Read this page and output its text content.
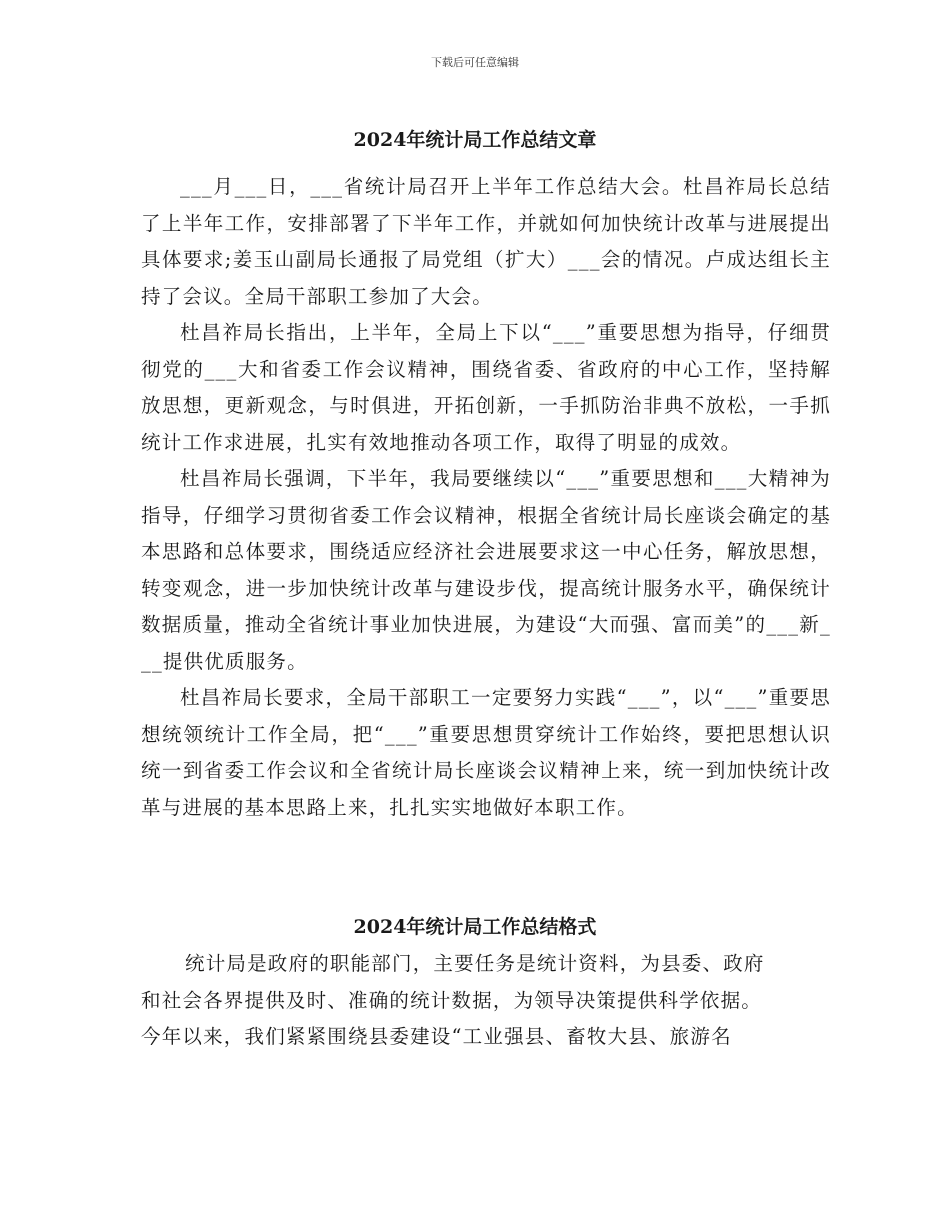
下载后可任意编辑
2024年统计局工作总结文章

___月___日，___省统计局召开上半年工作总结大会。杜昌祚局长总结了上半年工作，安排部署了下半年工作，并就如何加快统计改革与进展提出具体要求;姜玉山副局长通报了局党组（扩大）___会的情况。卢成达组长主持了会议。全局干部职工参加了大会。

杜昌祚局长指出，上半年，全局上下以“___”重要思想为指导，仔细贯彻党的___大和省委工作会议精神，围绕省委、省政府的中心工作，坚持解放思想，更新观念，与时俱进，开拓创新，一手抓防治非典不放松，一手抓统计工作求进展，扎实有效地推动各项工作，取得了明显的成效。

杜昌祚局长强调，下半年，我局要继续以“___”重要思想和___大精神为指导，仔细学习贯彻省委工作会议精神，根据全省统计局长座谈会确定的基本思路和总体要求，围绕适应经济社会进展要求这一中心任务，解放思想，转变观念，进一步加快统计改革与建设步伐，提高统计服务水平，确保统计数据质量，推动全省统计事业加快进展，为建设“大而强、富而美”的___新___提供优质服务。

杜昌祚局长要求，全局干部职工一定要努力实践“___”，以“___”重要思想统领统计工作全局，把“___”重要思想贯穿统计工作始终，要把思想认识统一到省委工作会议和全省统计局长座谈会议精神上来，统一到加快统计改革与进展的基本思路上来，扎扎实实地做好本职工作。

2024年统计局工作总结格式
统计局是政府的职能部门，主要任务是统计资料，为县委、政府
和社会各界提供及时、准确的统计数据，为领导决策提供科学依据。
今年以来，我们紧紧围绕县委建设“工业强县、畜牧大县、旅游名
